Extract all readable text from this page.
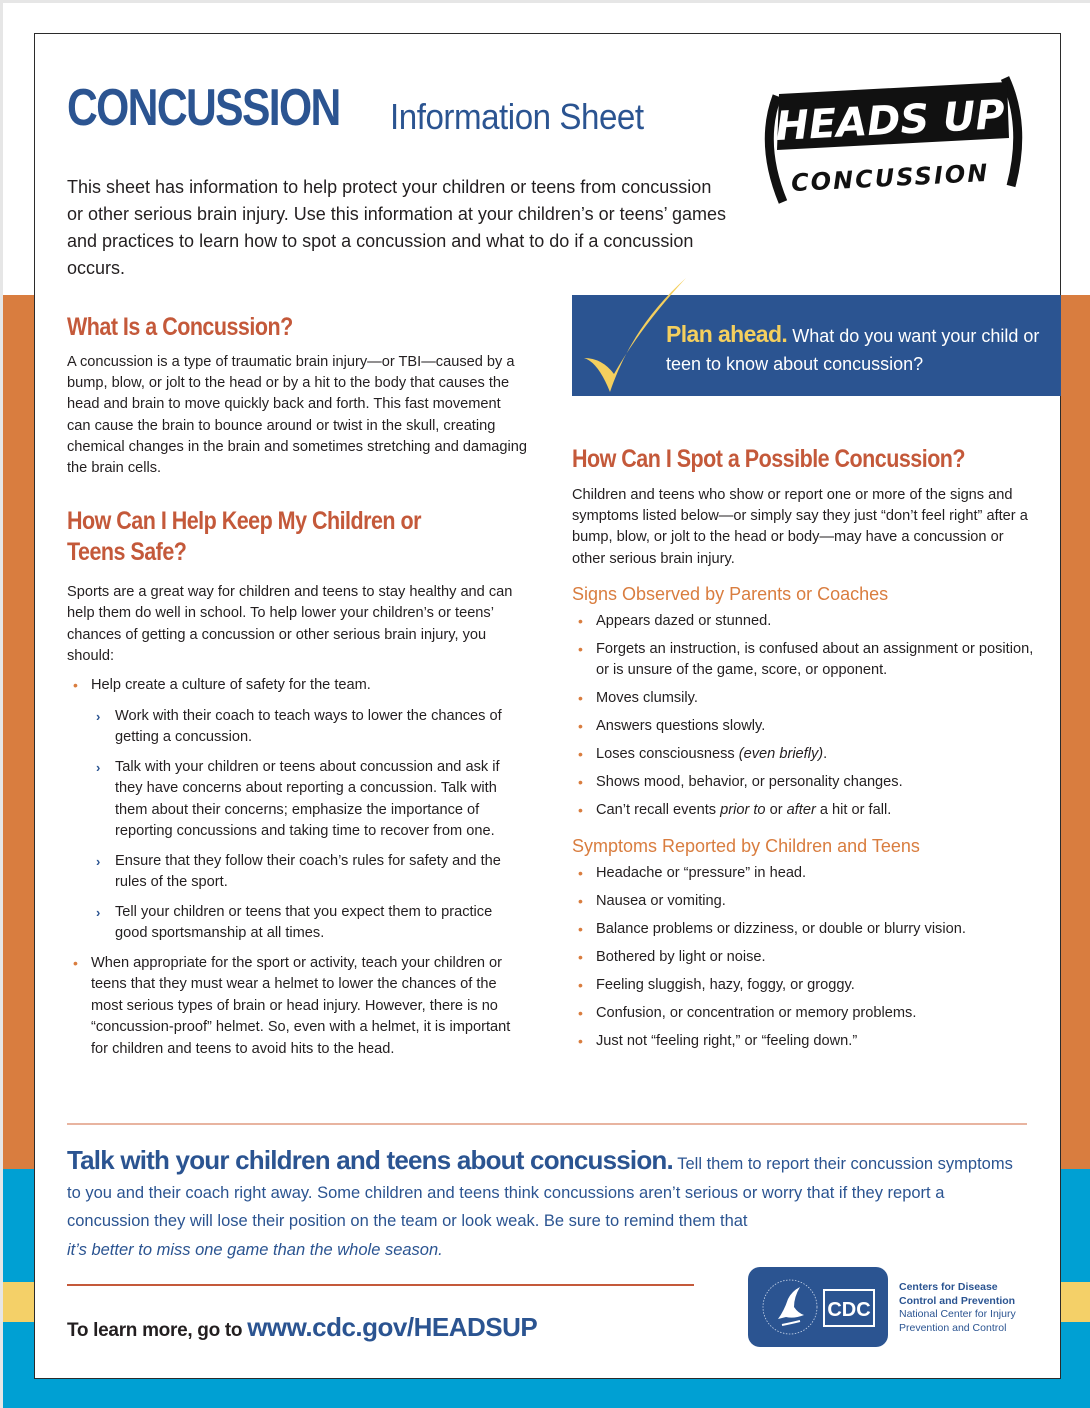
CONCUSSION Information Sheet	HEADS UP
CONCUSSION

This sheet has information to help protect your children or teens from concussion or other serious brain injury. Use this information at your children’s or teens’ games and practices to learn how to spot a concussion and what to do if a concussion occurs.

Plan ahead. What do you want your child or teen to know about concussion?
What Is a Concussion?

A concussion is a type of traumatic brain injury—or TBI—caused by a bump, blow, or jolt to the head or by a hit to the body that causes the head and brain to move quickly back and forth. This fast movement can cause the brain to bounce around or twist in the skull, creating chemical changes in the brain and sometimes stretching and damaging the brain cells.

How Can I Help Keep My Children or
Teens Safe?

Sports are a great way for children and teens to stay healthy and can help them do well in school. To help lower your children’s or teens’ chances of getting a concussion or other serious brain injury, you should:

• Help create a culture of safety for the team.
› Work with their coach to teach ways to lower the chances of getting a concussion.
› Talk with your children or teens about concussion and ask if they have concerns about reporting a concussion. Talk with them about their concerns; emphasize the importance of reporting concussions and taking time to recover from one.
› Ensure that they follow their coach’s rules for safety and the rules of the sport.
› Tell your children or teens that you expect them to practice good sportsmanship at all times.
• When appropriate for the sport or activity, teach your children or teens that they must wear a helmet to lower the chances of the most serious types of brain or head injury. However, there is no “concussion-proof” helmet. So, even with a helmet, it is important for children and teens to avoid hits to the head.
How Can I Spot a Possible Concussion?

Children and teens who show or report one or more of the signs and symptoms listed below—or simply say they just “don’t feel right” after a bump, blow, or jolt to the head or body—may have a concussion or other serious brain injury.

Signs Observed by Parents or Coaches
• Appears dazed or stunned.
• Forgets an instruction, is confused about an assignment or position, or is unsure of the game, score, or opponent.
• Moves clumsily.
• Answers questions slowly.
• Loses consciousness (even briefly).
• Shows mood, behavior, or personality changes.
• Can’t recall events prior to or after a hit or fall.
Symptoms Reported by Children and Teens
• Headache or “pressure” in head.
• Nausea or vomiting.
• Balance problems or dizziness, or double or blurry vision.
• Bothered by light or noise.
• Feeling sluggish, hazy, foggy, or groggy.
• Confusion, or concentration or memory problems.
• Just not “feeling right,” or “feeling down.”

Talk with your children and teens about concussion. Tell them to report their concussion symptoms to you and their coach right away. Some children and teens think concussions aren’t serious or worry that if they report a concussion they will lose their position on the team or look weak. Be sure to remind them that
it’s better to miss one game than the whole season.

To learn more, go to www.cdc.gov/HEADSUP
CDC
Centers for Disease
Control and Prevention
National Center for Injury
Prevention and Control
